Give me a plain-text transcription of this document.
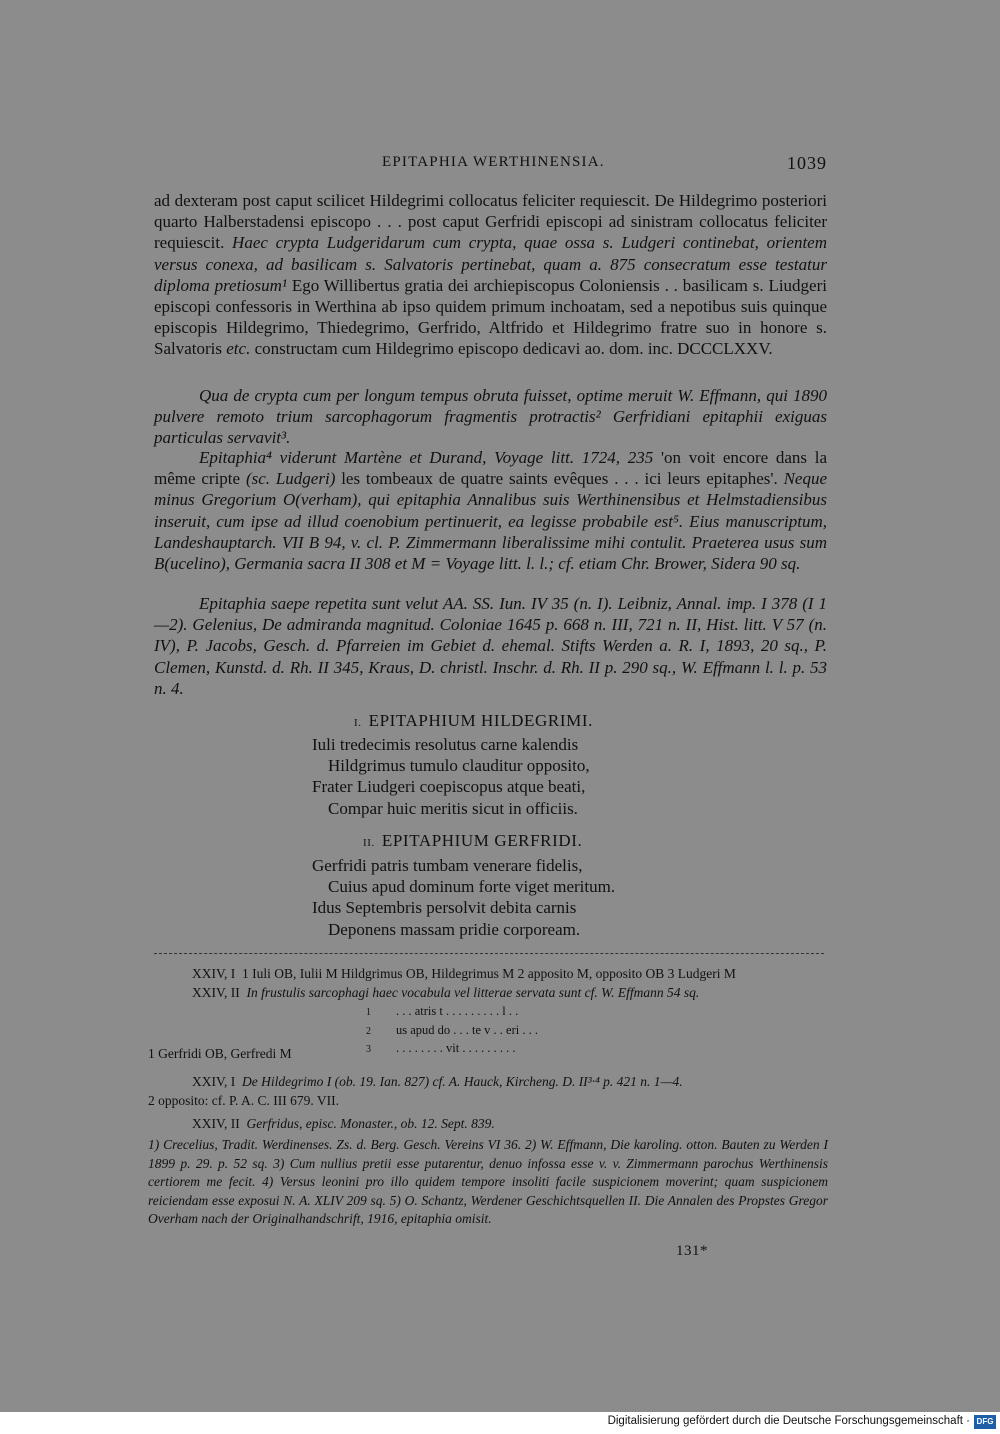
EPITAPHIA WERTHINENSIA.	1039
ad dexteram post caput scilicet Hildegrimi collocatus feliciter requiescit. De Hildegrimo posteriori quarto Halberstadensi episcopo . . . post caput Gerfridi episcopi ad sinistram collocatus feliciter requiescit. Haec crypta Ludgeridarum cum crypta, quae ossa s. Ludgeri continebat, orientem versus conexa, ad basilicam s. Salvatoris pertinebat, quam a. 875 consecratum esse testatur diploma pretiosum¹ Ego Willibertus gratia dei archiepiscopus Coloniensis . . basilicam s. Liudgeri episcopi confessoris in Werthina ab ipso quidem primum inchoatam, sed a nepotibus suis quinque episcopis Hildegrimo, Thiedegrimo, Gerfrido, Altfrido et Hildegrimo fratre suo in honore s. Salvatoris etc. constructam cum Hildegrimo episcopo dedicavi ao. dom. inc. DCCCLXXV.
Qua de crypta cum per longum tempus obruta fuisset, optime meruit W. Effmann, qui 1890 pulvere remoto trium sarcophagorum fragmentis protractis² Gerfridiani epitaphii exiguas particulas servavit³.
Epitaphia⁴ viderunt Martène et Durand, Voyage litt. 1724, 235 'on voit encore dans la même cripte (sc. Ludgeri) les tombeaux de quatre saints evêques . . . ici leurs epitaphes'. Neque minus Gregorium O(verham), qui epitaphia Annalibus suis Werthinensibus et Helmstadiensibus inseruit, cum ipse ad illud coenobium pertinuerit, ea legisse probabile est⁵. Eius manuscriptum, Landeshauptarch. VII B 94, v. cl. P. Zimmermann liberalissime mihi contulit. Praeterea usus sum B(ucelino), Germania sacra II 308 et M = Voyage litt. l. l.; cf. etiam Chr. Brower, Sidera 90 sq.
Epitaphia saepe repetita sunt velut AA. SS. Iun. IV 35 (n. I). Leibniz, Annal. imp. I 378 (I 1—2). Gelenius, De admiranda magnitud. Coloniae 1645 p. 668 n. III, 721 n. II, Hist. litt. V 57 (n. IV), P. Jacobs, Gesch. d. Pfarreien im Gebiet d. ehemal. Stifts Werden a. R. I, 1893, 20 sq., P. Clemen, Kunstd. d. Rh. II 345, Kraus, D. christl. Inschr. d. Rh. II p. 290 sq., W. Effmann l. l. p. 53 n. 4.
I. EPITAPHIUM HILDEGRIMI.
Iuli tredecimis resolutus carne kalendis
Hildgrimus tumulo clauditur opposito,
Frater Liudgeri coepiscopus atque beati,
Compar huic meritis sicut in officiis.
II. EPITAPHIUM GERFRIDI.
Gerfridi patris tumbam venerare fidelis,
Cuius apud dominum forte viget meritum.
Idus Septembris persolvit debita carnis
Deponens massam pridie corpoream.
XXIV, I 1 Iuli OB, Iulii M Hildgrimus OB, Hildegrimus M 2 apposito M, opposito OB 3 Ludgeri M
XXIV, II In frustulis sarcophagi haec vocabula vel litterae servata sunt cf. W. Effmann 54 sq.
1 . . . atris t . . . . . . . . . l . .
2 us apud do . . . te v . . eri . . .
3 . . . . . . . . vit . . . . . . . . .
1 Gerfridi OB, Gerfredi M
XXIV, I De Hildegrimo I (ob. 19. Ian. 827) cf. A. Hauck, Kircheng. D. II³·⁴ p. 421 n. 1—4.
2 opposito: cf. P. A. C. III 679. VII.
XXIV, II Gerfridus, episc. Monaster., ob. 12. Sept. 839.
1) Crecelius, Tradit. Werdinenses. Zs. d. Berg. Gesch. Vereins VI 36. 2) W. Effmann, Die karoling. otton. Bauten zu Werden I 1899 p. 29. p. 52 sq. 3) Cum nullius pretii esse putarentur, denuo infossa esse v. v. Zimmermann parochus Werthinensis certiorem me fecit. 4) Versus leonini pro illo quidem tempore insoliti facile suspicionem moverint; quam suspicionem reiciendam esse exposui N. A. XLIV 209 sq. 5) O. Schantz, Werdener Geschichtsquellen II. Die Annalen des Propstes Gregor Overham nach der Originalhandschrift, 1916, epitaphia omisit.
131*
Digitalisierung gefördert durch die Deutsche Forschungsgemeinschaft · DFG
